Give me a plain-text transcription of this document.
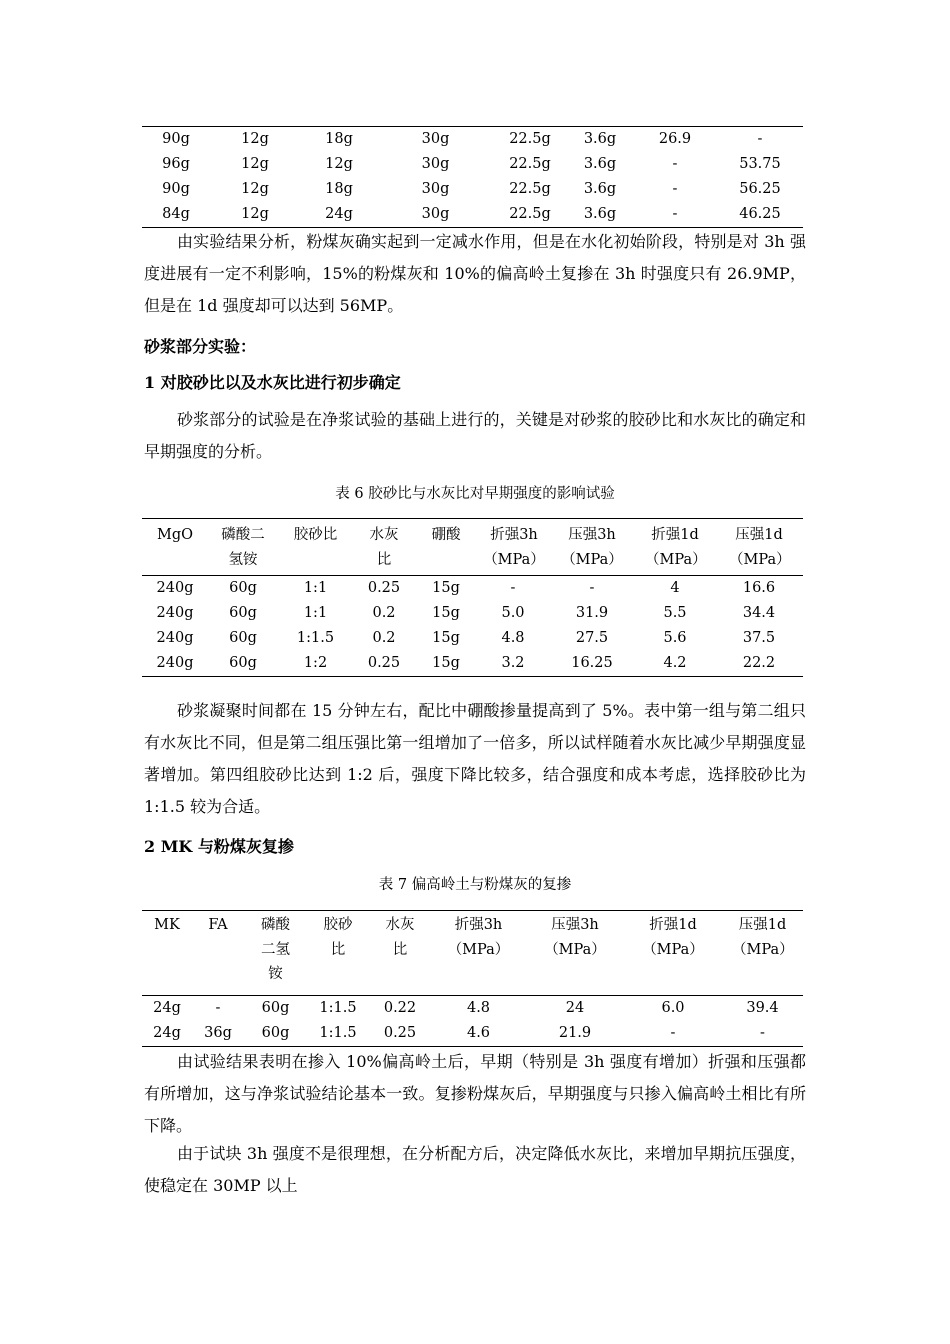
90g	12g	18g	30g	22.5g	3.6g	26.9	-
96g	12g	12g	30g	22.5g	3.6g	-	53.75
90g	12g	18g	30g	22.5g	3.6g	-	56.25
84g	12g	24g	30g	22.5g	3.6g	-	46.25

由实验结果分析，粉煤灰确实起到一定减水作用，但是在水化初始阶段，特别是对 3h 强度进展有一定不利影响，15%的粉煤灰和 10%的偏高岭土复掺在 3h 时强度只有 26.9MP，但是在 1d 强度却可以达到 56MP。

砂浆部分实验：

1 对胶砂比以及水灰比进行初步确定

砂浆部分的试验是在净浆试验的基础上进行的，关键是对砂浆的胶砂比和水灰比的确定和早期强度的分析。

表 6 胶砂比与水灰比对早期强度的影响试验

MgO	磷酸二氢铵	胶砂比	水灰比	硼酸	折强3h（MPa）	压强3h（MPa）	折强1d（MPa）	压强1d（MPa）
240g	60g	1:1	0.25	15g	-	-	4	16.6
240g	60g	1:1	0.2	15g	5.0	31.9	5.5	34.4
240g	60g	1:1.5	0.2	15g	4.8	27.5	5.6	37.5
240g	60g	1:2	0.25	15g	3.2	16.25	4.2	22.2

砂浆凝聚时间都在 15 分钟左右，配比中硼酸掺量提高到了 5%。表中第一组与第二组只有水灰比不同，但是第二组压强比第一组增加了一倍多，所以试样随着水灰比减少早期强度显著增加。第四组胶砂比达到 1:2 后，强度下降比较多，结合强度和成本考虑，选择胶砂比为 1:1.5 较为合适。

2 MK 与粉煤灰复掺

表 7 偏高岭土与粉煤灰的复掺

MK	FA	磷酸二氢铵	胶砂比	水灰比	折强3h（MPa）	压强3h（MPa）	折强1d（MPa）	压强1d（MPa）
24g	-	60g	1:1.5	0.22	4.8	24	6.0	39.4
24g	36g	60g	1:1.5	0.25	4.6	21.9	-	-

由试验结果表明在掺入 10%偏高岭土后，早期（特别是 3h 强度有增加）折强和压强都有所增加，这与净浆试验结论基本一致。复掺粉煤灰后，早期强度与只掺入偏高岭土相比有所下降。

由于试块 3h 强度不是很理想，在分析配方后，决定降低水灰比，来增加早期抗压强度，使稳定在 30MP 以上
